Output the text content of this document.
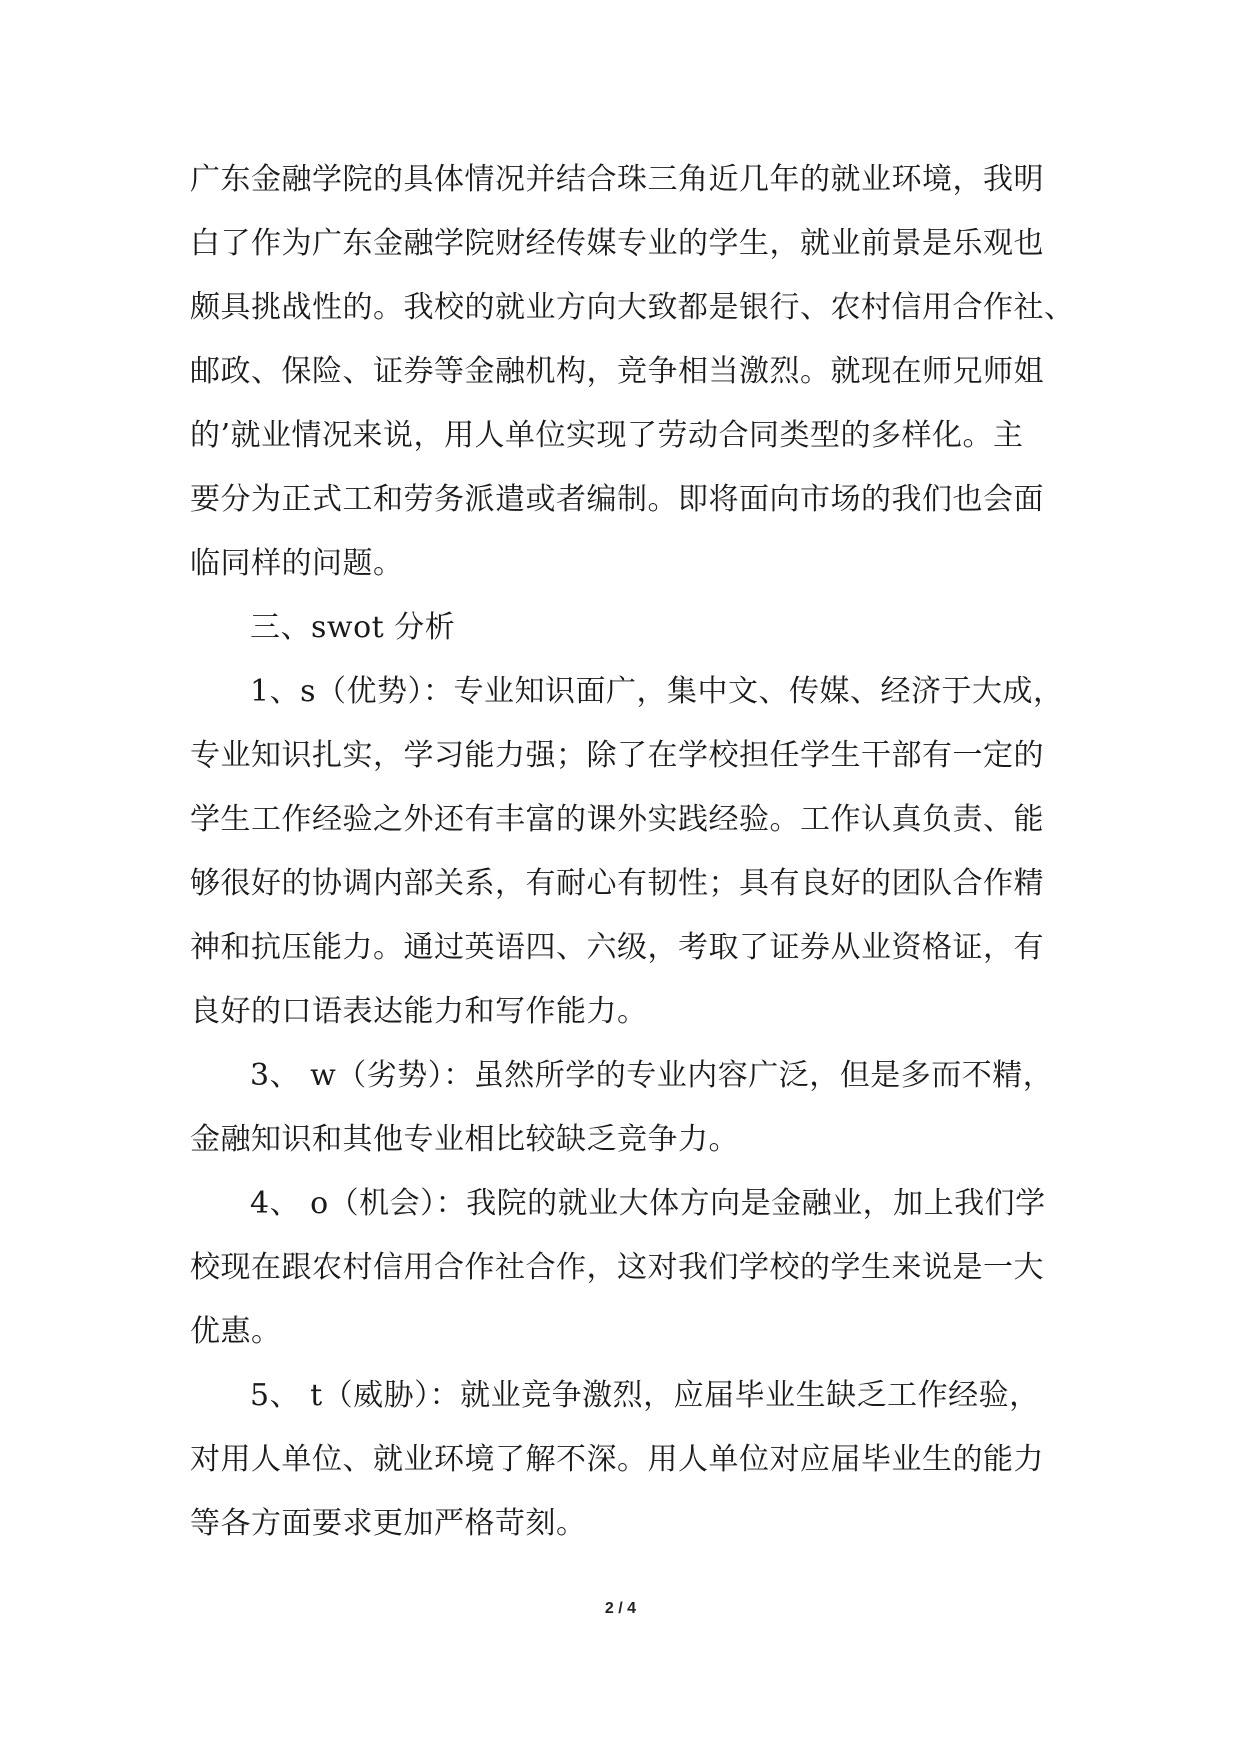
广东金融学院的具体情况并结合珠三角近几年的就业环境，我明
白了作为广东金融学院财经传媒专业的学生，就业前景是乐观也
颇具挑战性的。我校的就业方向大致都是银行、农村信用合作社、
邮政、保险、证券等金融机构，竞争相当激烈。就现在师兄师姐
的’就业情况来说，用人单位实现了劳动合同类型的多样化。主
要分为正式工和劳务派遣或者编制。即将面向市场的我们也会面
临同样的问题。
三、swot 分析
1、s（优势）：专业知识面广，集中文、传媒、经济于大成，
专业知识扎实，学习能力强；除了在学校担任学生干部有一定的
学生工作经验之外还有丰富的课外实践经验。工作认真负责、能
够很好的协调内部关系，有耐心有韧性；具有良好的团队合作精
神和抗压能力。通过英语四、六级，考取了证券从业资格证，有
良好的口语表达能力和写作能力。
3、 w（劣势）：虽然所学的专业内容广泛，但是多而不精，
金融知识和其他专业相比较缺乏竞争力。
4、 o（机会）：我院的就业大体方向是金融业，加上我们学
校现在跟农村信用合作社合作，这对我们学校的学生来说是一大
优惠。
5、 t（威胁）：就业竞争激烈，应届毕业生缺乏工作经验，
对用人单位、就业环境了解不深。用人单位对应届毕业生的能力
等各方面要求更加严格苛刻。
2 / 4
